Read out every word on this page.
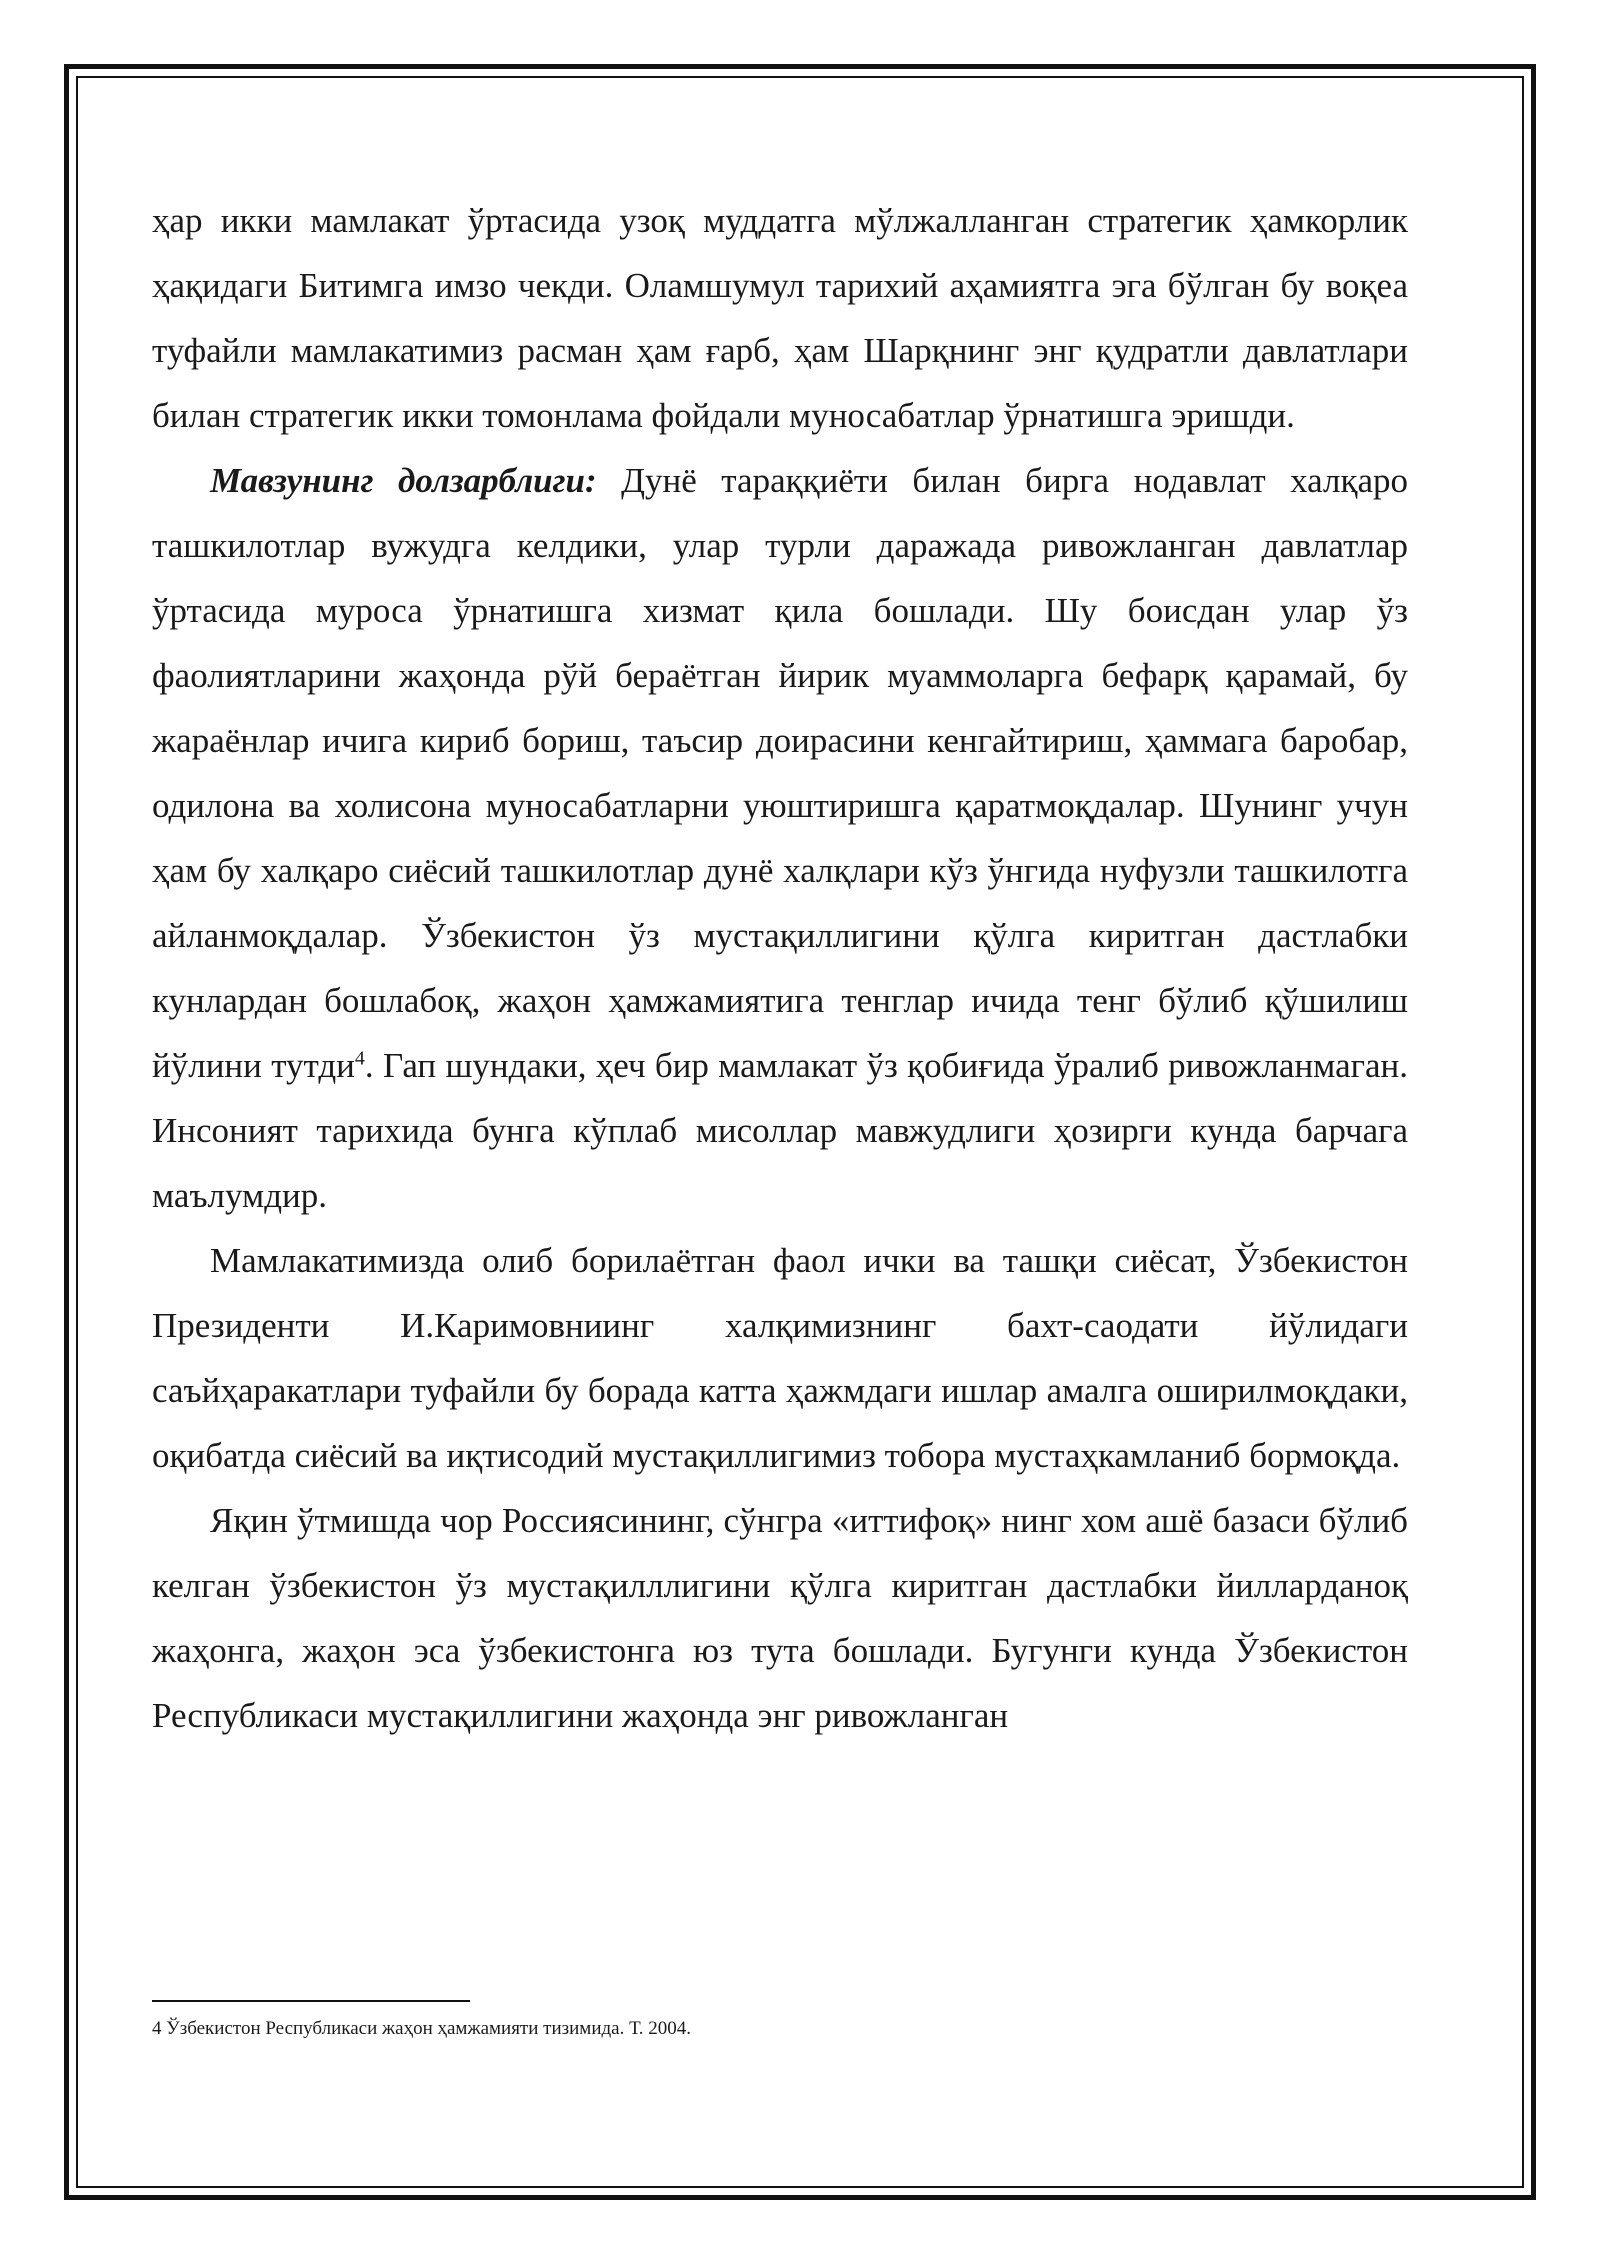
ҳар икки мамлакат ўртасида узоқ муддатга мўлжалланган стратегик ҳамкорлик ҳақидаги Битимга имзо чекди. Оламшумул тарихий аҳамиятга эга бўлган бу воқеа туфайли мамлакатимиз расман ҳам ғарб, ҳам Шарқнинг энг қудратли давлатлари билан стратегик икки томонлама фойдали муносабатлар ўрнатишга эришди.

Мавзунинг долзарблиги: Дунё тараққиёти билан бирга нодавлат халқаро ташкилотлар вужудга келдики, улар турли даражада ривожланган давлатлар ўртасида муроса ўрнатишга хизмат қила бошлади. Шу боисдан улар ўз фаолиятларини жаҳонда рўй бераётган йирик муаммоларга бефарқ қарамай, бу жараёнлар ичига кириб бориш, таъсир доирасини кенгайтириш, ҳаммага баробар, одилона ва холисона муносабатларни уюштиришга қаратмоқдалар. Шунинг учун ҳам бу халқаро сиёсий ташкилотлар дунё халқлари кўз ўнгида нуфузли ташкилотга айланмоқдалар. Ўзбекистон ўз мустақиллигини қўлга киритган дастлабки кунлардан бошлабоқ, жаҳон ҳамжамиятига тенглар ичида тенг бўлиб қўшилиш йўлини тутди$^4$. Гап шундаки, ҳеч бир мамлакат ўз қобиғида ўралиб ривожланмаган. Инсоният тарихида бунга кўплаб мисоллар мавжудлиги ҳозирги кунда барчага маълумдир.

Мамлакатимизда олиб борилаётган фаол ички ва ташқи сиёсат, Ўзбекистон Президенти И.Каримовниинг халқимизнинг бахт-саодати йўлидаги саъйҳаракатлари туфайли бу борада катта ҳажмдаги ишлар амалга оширилмоқдаки, оқибатда сиёсий ва иқтисодий мустақиллигимиз тобора мустаҳкамланиб бормоқда.

Яқин ўтмишда чор Россиясининг, сўнгра «иттифоқ» нинг хом ашё базаси бўлиб келган ўзбекистон ўз мустақилллигини қўлга киритган дастлабки йилларданоқ жаҳонга, жаҳон эса ўзбекистонга юз тута бошлади. Бугунги кунда Ўзбекистон Республикаси мустақиллигини жаҳонда энг ривожланган

4 Ўзбекистон Республикаси жаҳон ҳамжамияти тизимида. Т. 2004.
